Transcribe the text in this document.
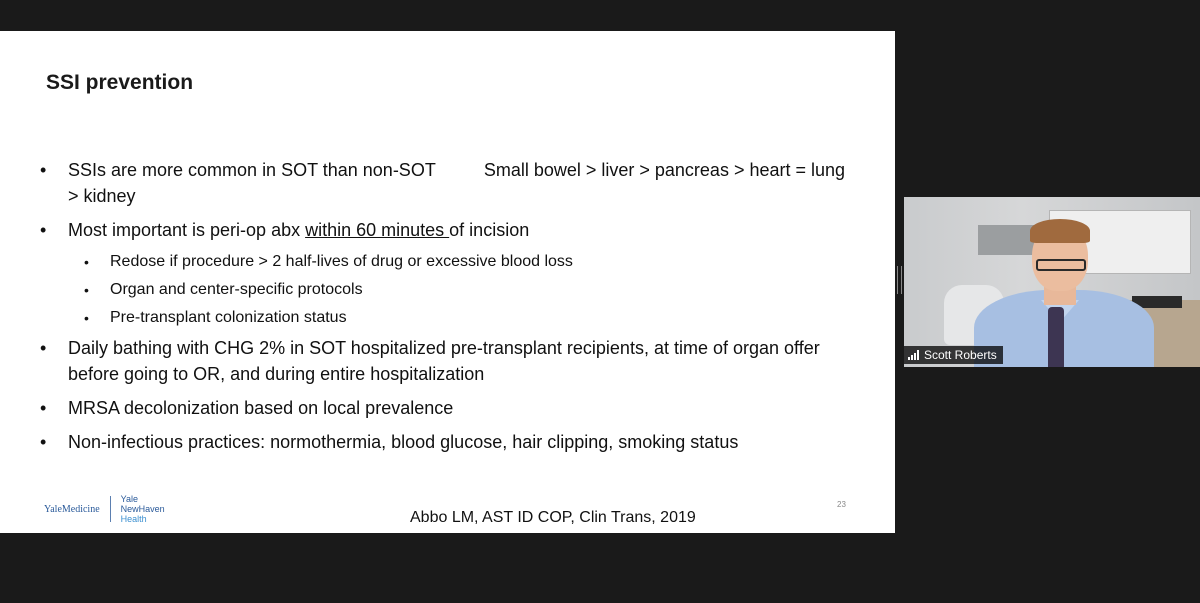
SSI prevention
• SSIs are more common in SOT than non-SOT	Small bowel > liver > pancreas > heart = lung > kidney
• Most important is peri-op abx within 60 minutes of incision
• Redose if procedure > 2 half-lives of drug or excessive blood loss
• Organ and center-specific protocols
• Pre-transplant colonization status
• Daily bathing with CHG 2% in SOT hospitalized pre-transplant recipients, at time of organ offer before going to OR, and during entire hospitalization
• MRSA decolonization based on local prevalence
• Non-infectious practices: normothermia, blood glucose, hair clipping, smoking status
YaleMedicine
Yale
NewHaven
Health
23
Abbo LM, AST ID COP, Clin Trans, 2019
Scott Roberts
